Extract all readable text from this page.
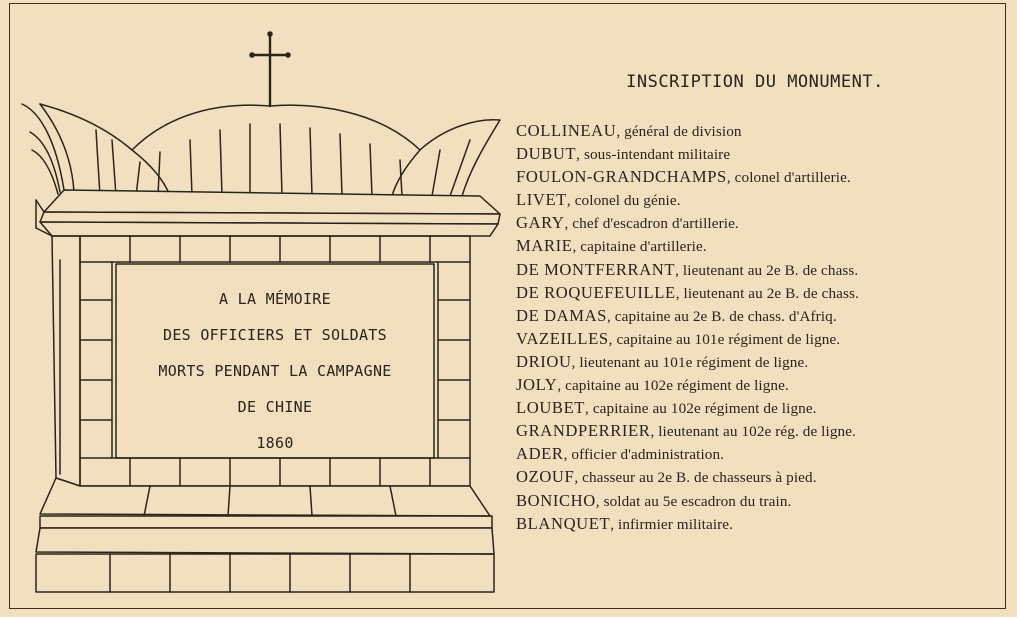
A LA MÉMOIRE
DES OFFICIERS ET SOLDATS
MORTS PENDANT LA CAMPAGNE
DE CHINE
1860
INSCRIPTION DU MONUMENT.
COLLINEAU, général de division
DUBUT, sous-intendant militaire
FOULON-GRANDCHAMPS, colonel d'artillerie.
LIVET, colonel du génie.
GARY, chef d'escadron d'artillerie.
MARIE, capitaine d'artillerie.
DE MONTFERRANT, lieutenant au 2e B. de chass.
DE ROQUEFEUILLE, lieutenant au 2e B. de chass.
DE DAMAS, capitaine au 2e B. de chass. d'Afriq.
VAZEILLES, capitaine au 101e régiment de ligne.
DRIOU, lieutenant au 101e régiment de ligne.
JOLY, capitaine au 102e régiment de ligne.
LOUBET, capitaine au 102e régiment de ligne.
GRANDPERRIER, lieutenant au 102e rég. de ligne.
ADER, officier d'administration.
OZOUF, chasseur au 2e B. de chasseurs à pied.
BONICHO, soldat au 5e escadron du train.
BLANQUET, infirmier militaire.
